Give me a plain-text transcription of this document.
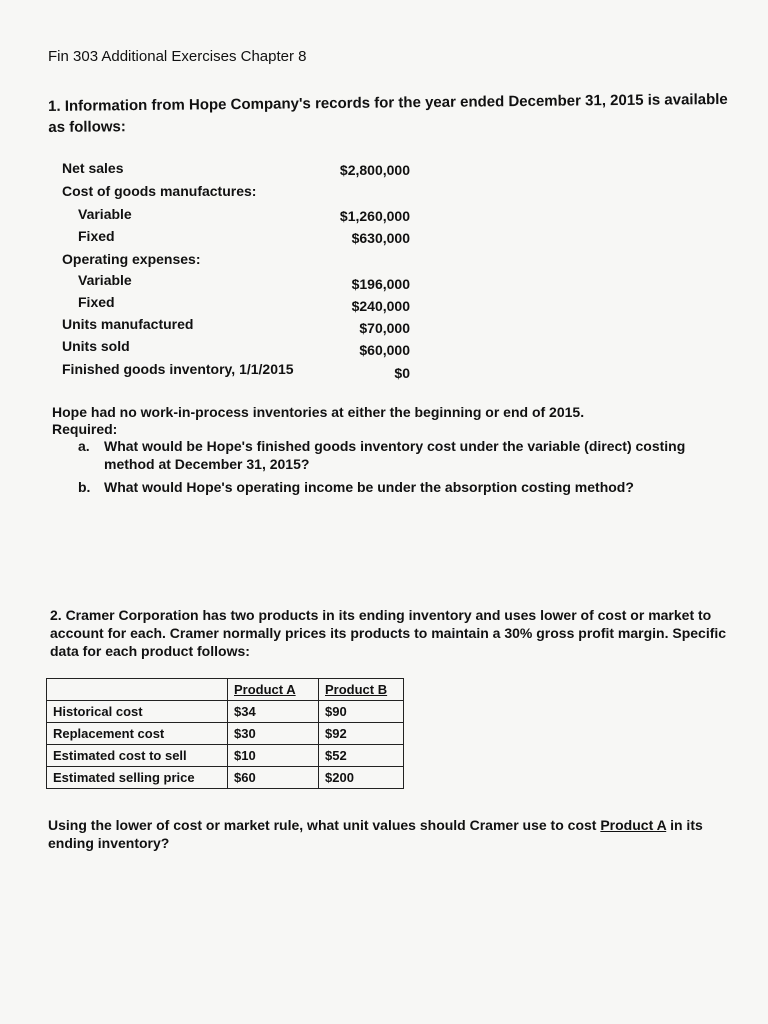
Fin 303 Additional Exercises Chapter 8
1. Information from Hope Company's records for the year ended December 31, 2015 is available as follows:
Net sales	$2,800,000
Cost of goods manufactures:
Variable	$1,260,000
Fixed	$630,000
Operating expenses:
Variable	$196,000
Fixed	$240,000
Units manufactured	$70,000
Units sold	$60,000
Finished goods inventory, 1/1/2015	$0
Hope had no work-in-process inventories at either the beginning or end of 2015.
Required:
a. What would be Hope's finished goods inventory cost under the variable (direct) costing method at December 31, 2015?
b. What would Hope's operating income be under the absorption costing method?
2. Cramer Corporation has two products in its ending inventory and uses lower of cost or market to account for each. Cramer normally prices its products to maintain a 30% gross profit margin. Specific data for each product follows:
	Product A	Product B
Historical cost	$34	$90
Replacement cost	$30	$92
Estimated cost to sell	$10	$52
Estimated selling price	$60	$200
Using the lower of cost or market rule, what unit values should Cramer use to cost Product A in its ending inventory?
